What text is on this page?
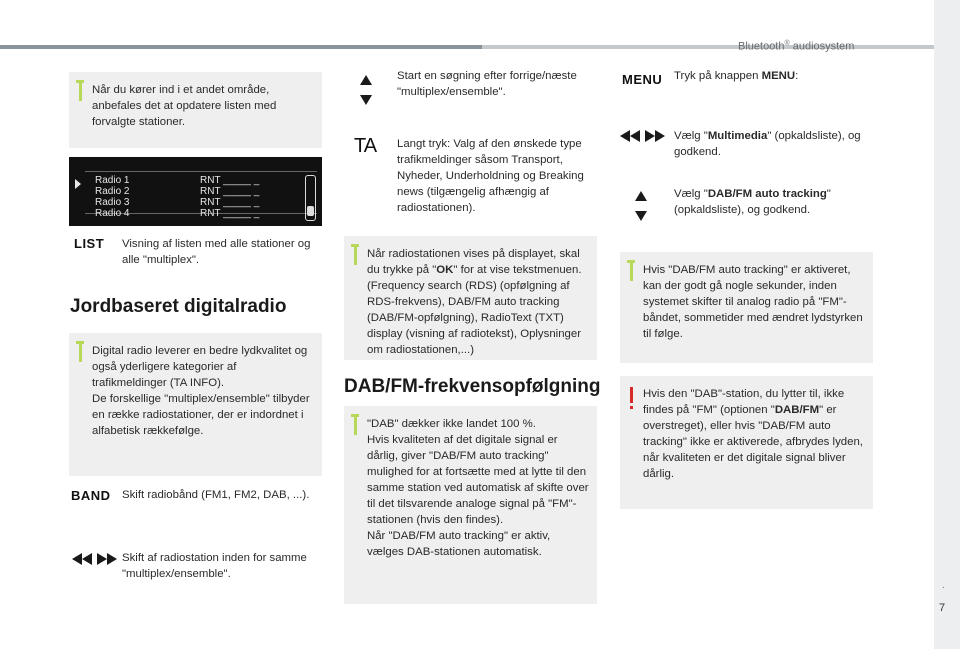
Bluetooth® audiosystem
.
7
Når du kører ind i et andet område, anbefales det at opdatere listen med forvalgte stationer.
Radio 1	RNT _____ _
Radio 2	RNT _____ _
Radio 3	RNT _____ _
Radio 4	RNT _____ _
LIST Visning af listen med alle stationer og alle "multiplex".
Jordbaseret digitalradio
Digital radio leverer en bedre lydkvalitet og også yderligere kategorier af trafikmeldinger (TA INFO).
De forskellige "multiplex/ensemble" tilbyder en række radiostationer, der er indordnet i alfabetisk rækkefølge.
BAND Skift radiobånd (FM1, FM2, DAB, ...).
Skift af radiostation inden for samme "multiplex/ensemble".
Start en søgning efter forrige/næste "multiplex/ensemble".
TA Langt tryk: Valg af den ønskede type trafikmeldinger såsom Transport, Nyheder, Underholdning og Breaking news (tilgængelig afhængig af radiostationen).
Når radiostationen vises på displayet, skal du trykke på "OK" for at vise tekstmenuen. (Frequency search (RDS) (opfølgning af RDS-frekvens), DAB/FM auto tracking (DAB/FM-opfølgning), RadioText (TXT) display (visning af radiotekst), Oplysninger om radiostationen,...)
DAB/FM-frekvensopfølgning
"DAB" dækker ikke landet 100 %.
Hvis kvaliteten af det digitale signal er dårlig, giver "DAB/FM auto tracking" mulighed for at fortsætte med at lytte til den samme station ved automatisk af skifte over til det tilsvarende analoge signal på "FM"-stationen (hvis den findes).
Når "DAB/FM auto tracking" er aktiv, vælges DAB-stationen automatisk.
MENU Tryk på knappen MENU:
Vælg "Multimedia" (opkaldsliste), og godkend.
Vælg "DAB/FM auto tracking" (opkaldsliste), og godkend.
Hvis "DAB/FM auto tracking" er aktiveret, kan der godt gå nogle sekunder, inden systemet skifter til analog radio på "FM"-båndet, sommetider med ændret lydstyrken til følge.
Hvis den "DAB"-station, du lytter til, ikke findes på "FM" (optionen "DAB/FM" er overstreget), eller hvis "DAB/FM auto tracking" ikke er aktiverede, afbrydes lyden, når kvaliteten er det digitale signal bliver dårlig.
